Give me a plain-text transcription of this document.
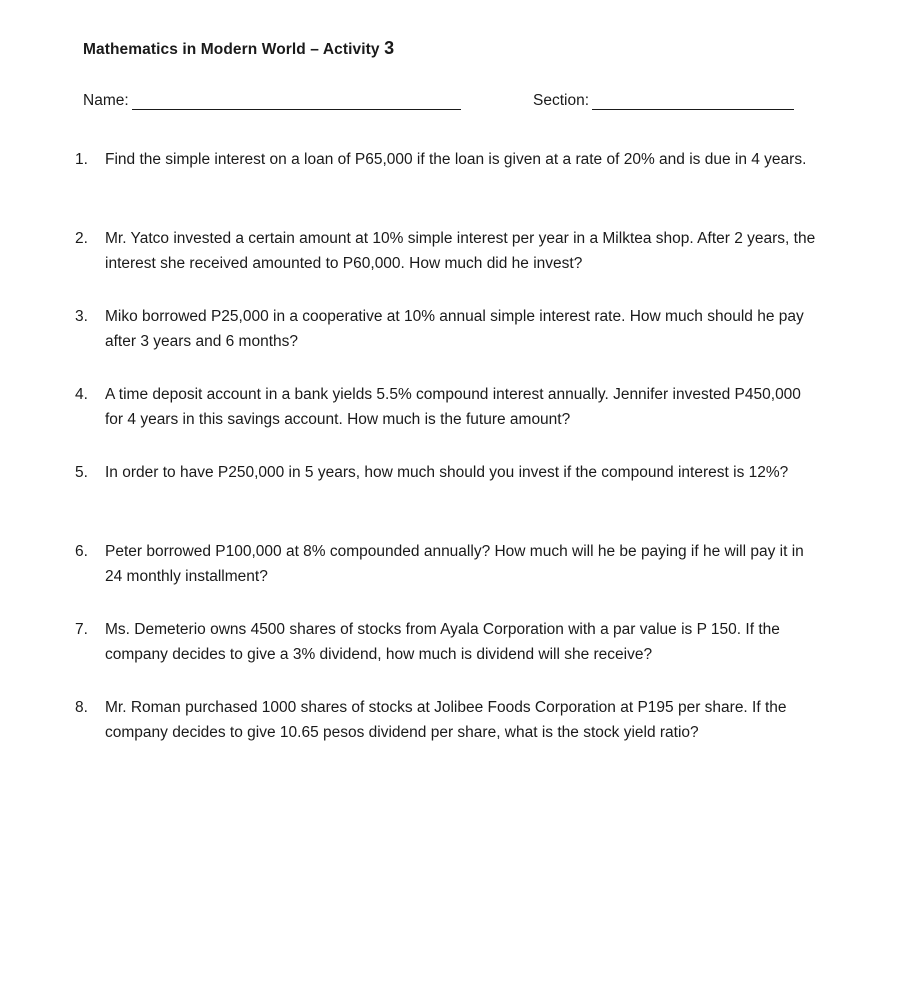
Mathematics in Modern World – Activity 3
Name:	Section:
1.	Find the simple interest on a loan of P65,000 if the loan is given at a rate of 20% and is due in 4 years.
2.	Mr. Yatco invested a certain amount at 10% simple interest per year in a Milktea shop. After 2 years, the interest she received amounted to P60,000. How much did he invest?
3.	Miko borrowed P25,000 in a cooperative at 10% annual simple interest rate. How much should he pay after 3 years and 6 months?
4.	A time deposit account in a bank yields 5.5% compound interest annually. Jennifer invested P450,000 for 4 years in this savings account. How much is the future amount?
5.	In order to have P250,000 in 5 years, how much should you invest if the compound interest is 12%?
6.	Peter borrowed P100,000 at 8% compounded annually? How much will he be paying if he will pay it in 24 monthly installment?
7.	Ms. Demeterio owns 4500 shares of stocks from Ayala Corporation with a par value is P 150. If the company decides to give a 3% dividend, how much is dividend will she receive?
8.	Mr. Roman purchased 1000 shares of stocks at Jolibee Foods Corporation at P195 per share. If the company decides to give 10.65 pesos dividend per share, what is the stock yield ratio?
